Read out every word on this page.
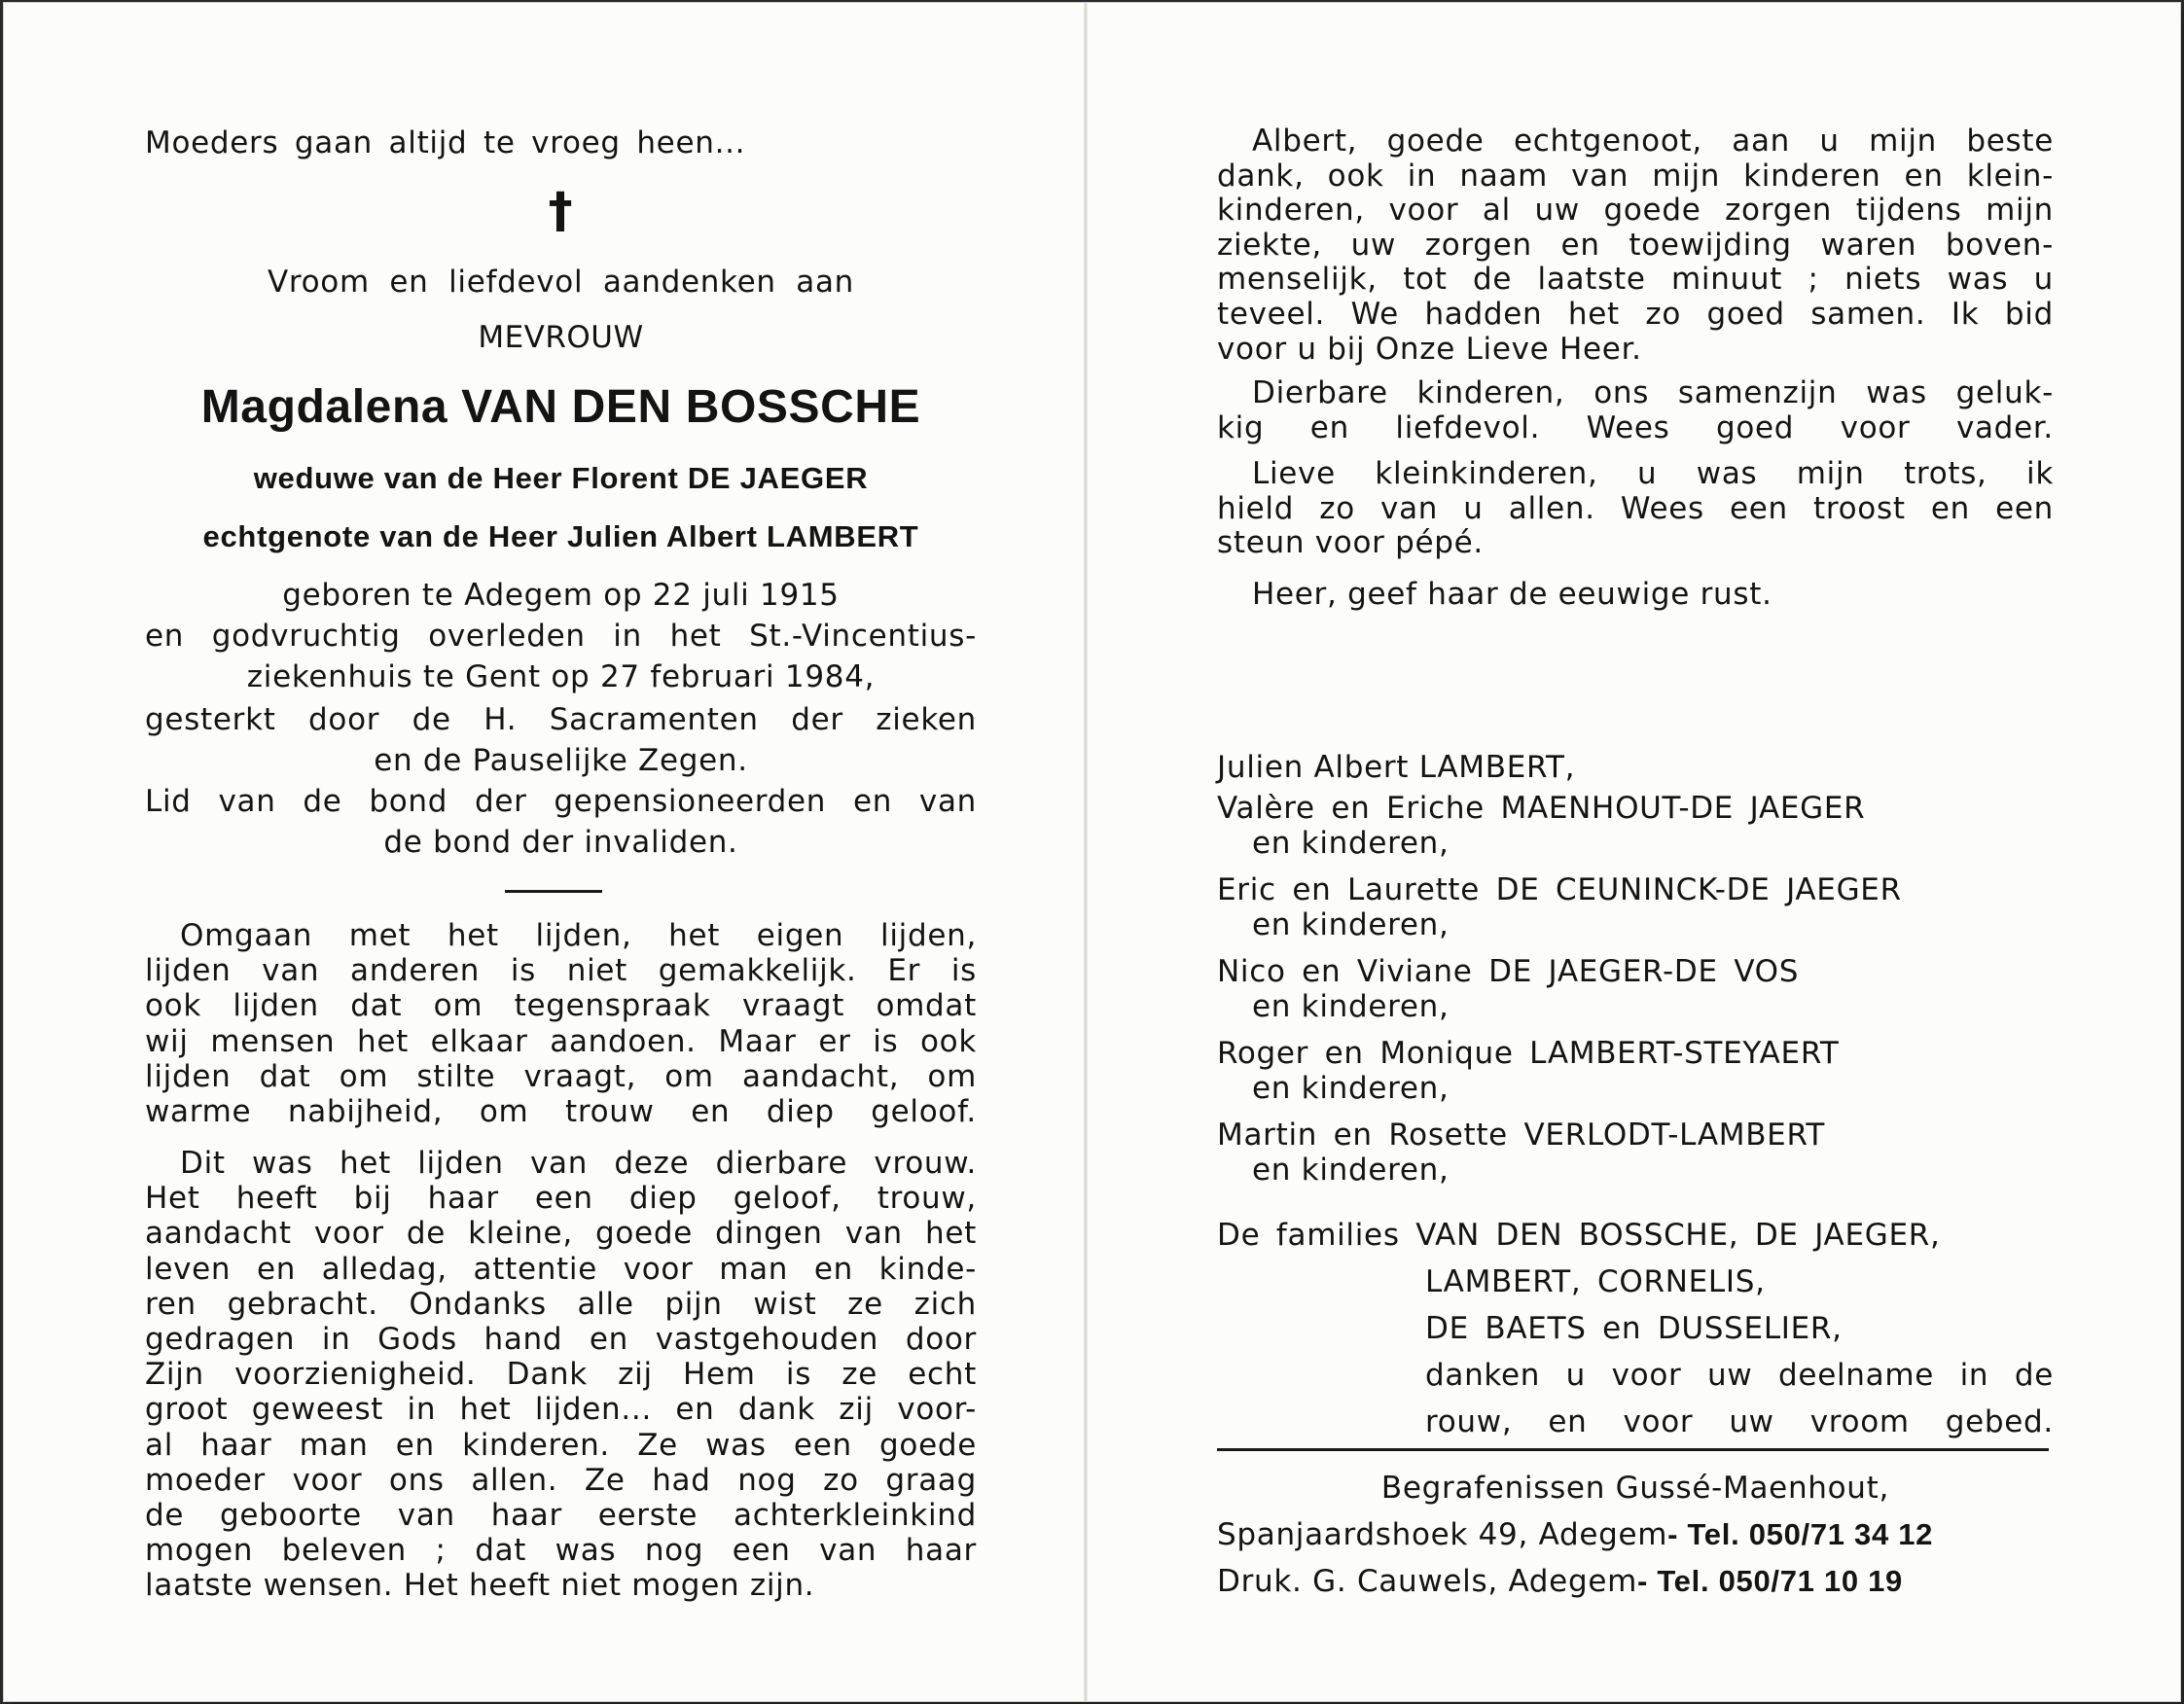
Moeders gaan altijd te vroeg heen...
†
Vroom en liefdevol aandenken aan
MEVROUW
Magdalena VAN DEN BOSSCHE
weduwe van de Heer Florent DE JAEGER
echtgenote van de Heer Julien Albert LAMBERT
geboren te Adegem op 22 juli 1915
en godvruchtig overleden in het St.-Vincentius-
ziekenhuis te Gent op 27 februari 1984,
gesterkt door de H. Sacramenten der zieken
en de Pauselijke Zegen.
Lid van de bond der gepensioneerden en van
de bond der invaliden.
Omgaan met het lijden, het eigen lijden,
lijden van anderen is niet gemakkelijk. Er is
ook lijden dat om tegenspraak vraagt omdat
wij mensen het elkaar aandoen. Maar er is ook
lijden dat om stilte vraagt, om aandacht, om
warme nabijheid, om trouw en diep geloof.
Dit was het lijden van deze dierbare vrouw.
Het heeft bij haar een diep geloof, trouw,
aandacht voor de kleine, goede dingen van het
leven en alledag, attentie voor man en kinde-
ren gebracht. Ondanks alle pijn wist ze zich
gedragen in Gods hand en vastgehouden door
Zijn voorzienigheid. Dank zij Hem is ze echt
groot geweest in het lijden... en dank zij voor-
al haar man en kinderen. Ze was een goede
moeder voor ons allen. Ze had nog zo graag
de geboorte van haar eerste achterkleinkind
mogen beleven ; dat was nog een van haar
laatste wensen. Het heeft niet mogen zijn.
Albert, goede echtgenoot, aan u mijn beste
dank, ook in naam van mijn kinderen en klein-
kinderen, voor al uw goede zorgen tijdens mijn
ziekte, uw zorgen en toewijding waren boven-
menselijk, tot de laatste minuut ; niets was u
teveel. We hadden het zo goed samen. Ik bid
voor u bij Onze Lieve Heer.
Dierbare kinderen, ons samenzijn was geluk-
kig en liefdevol. Wees goed voor vader.
Lieve kleinkinderen, u was mijn trots, ik
hield zo van u allen. Wees een troost en een
steun voor pépé.
Heer, geef haar de eeuwige rust.
Julien Albert LAMBERT,
Valère en Eriche MAENHOUT-DE JAEGER
en kinderen,
Eric en Laurette DE CEUNINCK-DE JAEGER
en kinderen,
Nico en Viviane DE JAEGER-DE VOS
en kinderen,
Roger en Monique LAMBERT-STEYAERT
en kinderen,
Martin en Rosette VERLODT-LAMBERT
en kinderen,
De families VAN DEN BOSSCHE, DE JAEGER,
LAMBERT, CORNELIS,
DE BAETS en DUSSELIER,
danken u voor uw deelname in de
rouw, en voor uw vroom gebed.
Begrafenissen Gussé-Maenhout,
Spanjaardshoek 49, Adegem- Tel. 050/71 34 12
Druk. G. Cauwels, Adegem- Tel. 050/71 10 19
